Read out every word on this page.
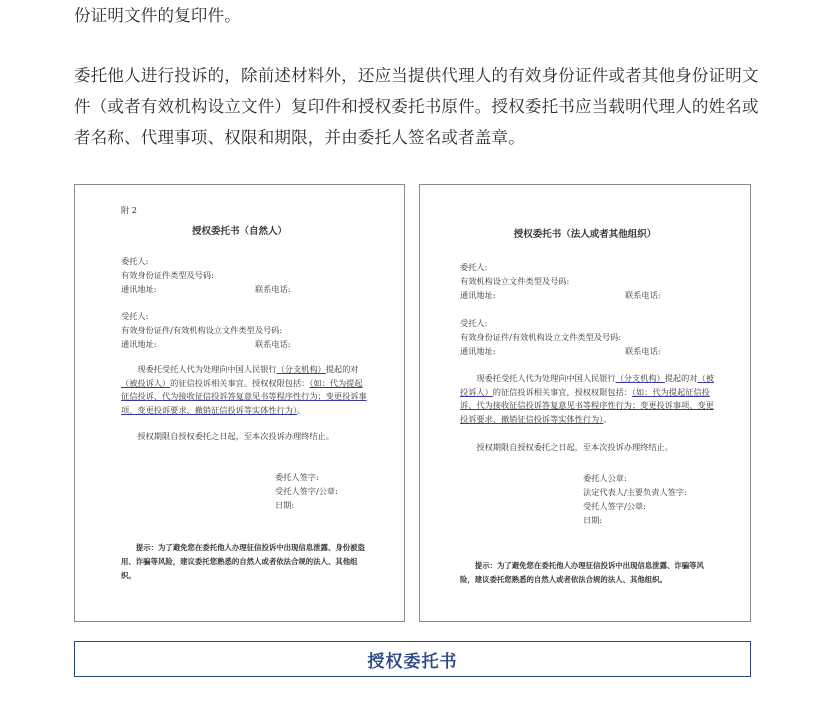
份证明文件的复印件。
委托他人进行投诉的，除前述材料外，还应当提供代理人的有效身份证件或者其他身份证明文件（或者有效机构设立文件）复印件和授权委托书原件。授权委托书应当载明代理人的姓名或者名称、代理事项、权限和期限，并由委托人签名或者盖章。
附 2
授权委托书（自然人）
委托人:
有效身份证件类型及号码:
通讯地址:	联系电话:
受托人:
有效身份证件/有效机构设立文件类型及号码:
通讯地址:	联系电话:
现委托受托人代为处理向中国人民银行（分支机构）提起的对（被投诉人）的征信投诉相关事宜。授权权限包括：（如：代为提起征信投诉、代为接收征信投诉答复意见书等程序性行为；变更投诉事项、变更投诉要求、撤销征信投诉等实体性行为）。
授权期限自授权委托之日起，至本次投诉办理终结止。
委托人签字:
受托人签字/公章:
日期:
提示：为了避免您在委托他人办理征信投诉中出现信息泄露、身份被盗用、诈骗等风险，建议委托您熟悉的自然人或者依法合规的法人、其他组织。
授权委托书（法人或者其他组织）
委托人:
有效机构设立文件类型及号码:
通讯地址:	联系电话:
受托人:
有效身份证件/有效机构设立文件类型及号码:
通讯地址:	联系电话:
现委托受托人代为处理向中国人民银行（分支机构）提起的对（被投诉人）的征信投诉相关事宜，授权权限包括：（如：代为提起征信投诉、代为接收征信投诉答复意见书等程序性行为；变更投诉事项、变更投诉要求、撤销征信投诉等实体性行为）。
授权期限自授权委托之日起，至本次投诉办理终结止。
委托人公章:
法定代表人/主要负责人签字:
受托人签字/公章:
日期:
提示：为了避免您在委托他人办理征信投诉中出现信息泄露、诈骗等风险，建议委托您熟悉的自然人或者依法合规的法人、其他组织。
授权委托书
